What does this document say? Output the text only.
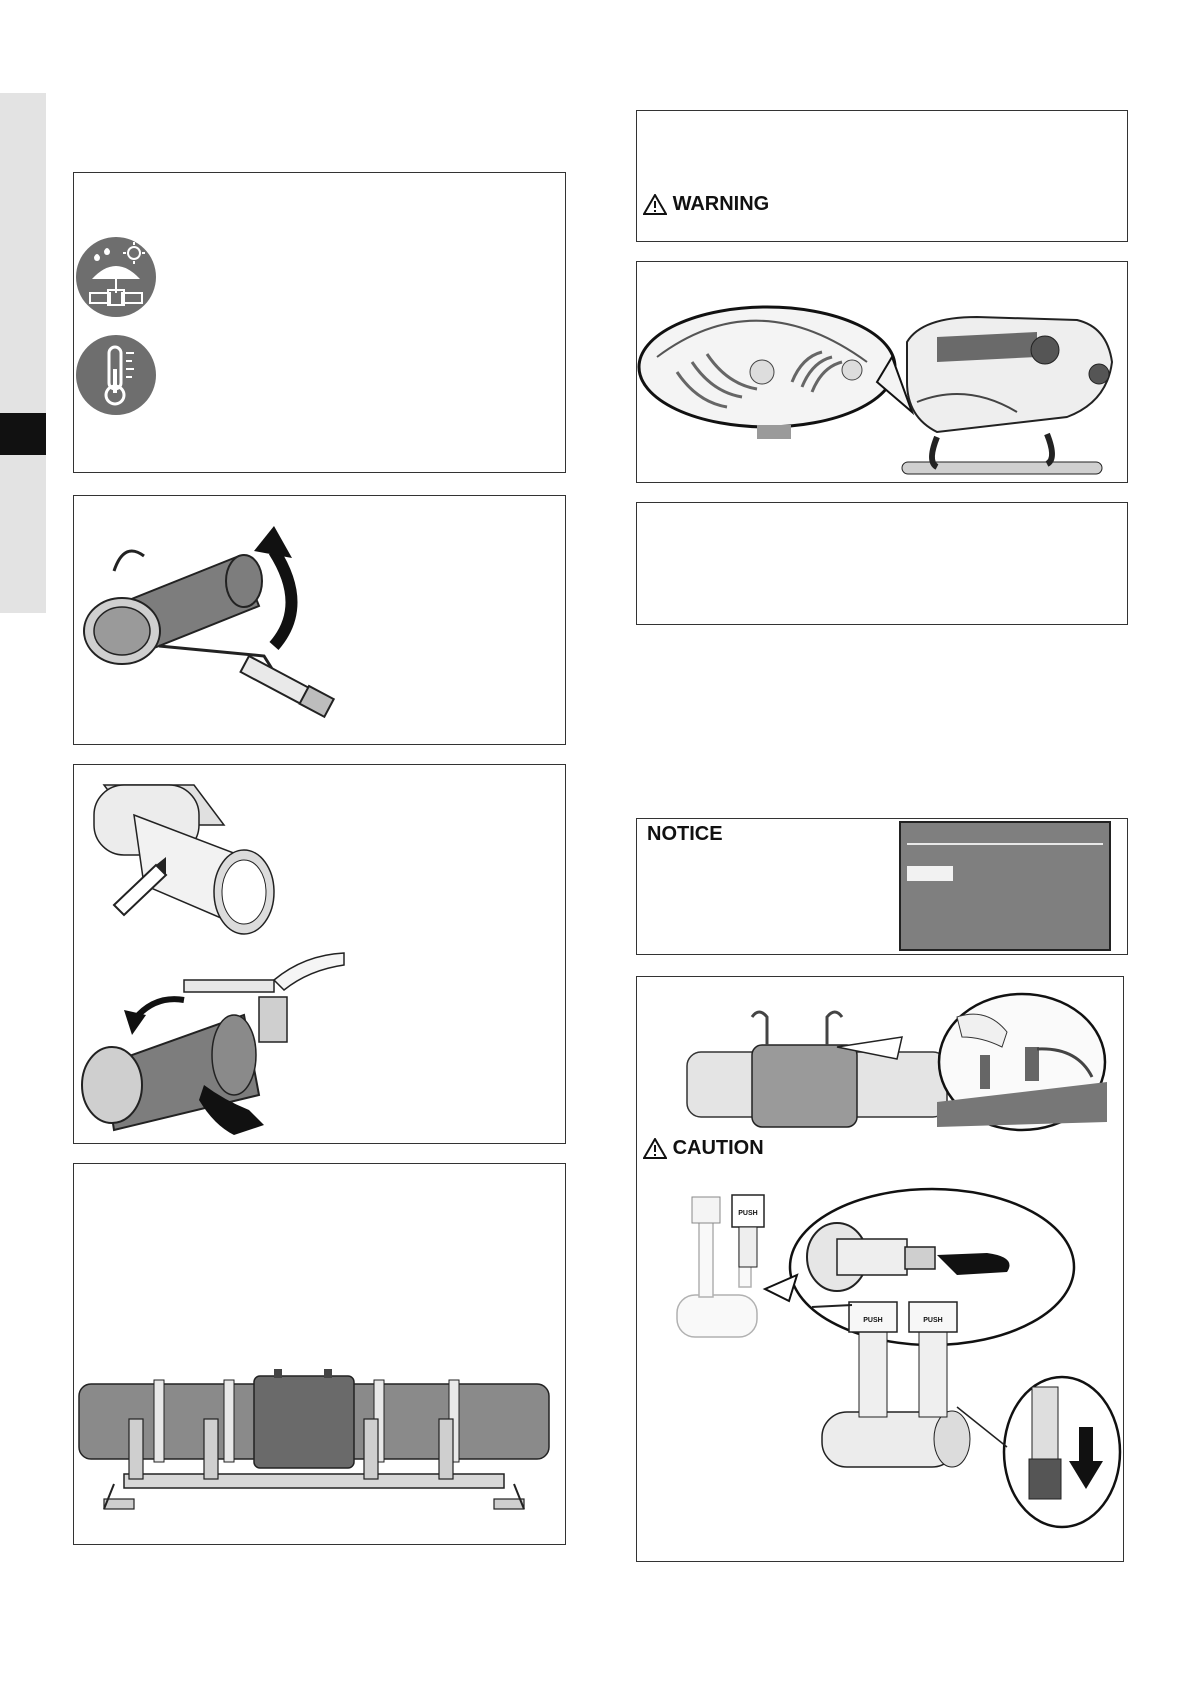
WARNING
NOTICE
CAUTION
PUSH
PUSH	PUSH
